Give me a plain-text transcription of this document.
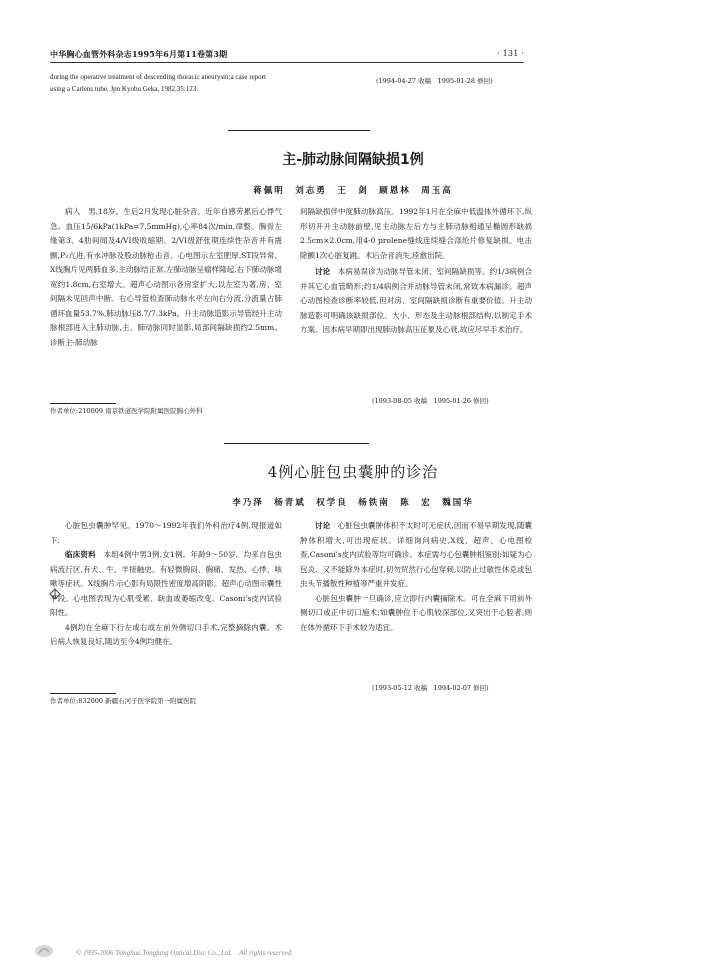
中华胸心血管外科杂志1995年6月第11卷第3期	· 131 ·
during the operative treatment of descending thoracic aneurysm;a case report using a Carlens tube. Jpn Kyobu Geka, 1982,35:123.
(1994-04-27 收稿　1995-01-28 修回)
主-肺动脉间隔缺损1例
蒋佩明　刘志勇　王　剑　顾恩林　周玉高

病人　男,18岁。生后2月发现心脏杂音。近年自感劳累后心悸气急。血压15/6kPa(1kPa=7.5mmHg),心率84次/min,律整。胸骨左缘第3、4肋间闻及4/VI级收缩期、2/VI级舒张期连续性杂音并有震颤,P₂亢进,有水冲脉及股动脉枪击音。心电图示左室肥厚,ST段异常。X线胸片见两肺血多,主动脉结正常,左肺动脉呈瘤样隆起,右下肺动脉增宽约1.8cm,右室增大。超声心动图示各房室扩大,以左室为著,房、室间隔未见回声中断。右心导管检查肺动脉水平左向右分流,分流量占肺循环血量53.7%,肺动脉压8.7/7.3kPa。升主动脉造影示导管经升主动脉根部进入主肺动脉,主、肺动脉同时显影,局部间隔缺损约2.5mm。诊断主-肺动脉

间隔缺损伴中度肺动脉高压。1992年1月在全麻中低温体外循环下,纵形切开升主动脉前壁,见主动脉左后方与主肺动脉相通呈椭圆形缺损2.5cm×2.0cm,用4-0 prolene缝线连续缝合涤纶片修复缺损。电击除颤1次心脏复跳。术后杂音消失,痊愈出院。

讨论　 本病易误诊为动脉导管未闭、室间隔缺损等。约1/3病例合并其它心血管畸形;约1/4病例合并动脉导管未闭,常致本病漏诊。超声心动图检查诊断率较低,但对房、室间隔缺损诊断有重要价值。升主动脉造影可明确该缺损部位、大小、形态及主动脉根部结构,以制定手术方案。因本病早期即出现肺动脉高压征象及心衰,故应尽早手术治疗。

(1993-08-05 收稿　1995-01-26 修回)
作者单位:210009 南京铁道医学院附属医院胸心外科
4例心脏包虫囊肿的诊治
李乃泽　杨青斌　权学良　杨铁南　陈　宏　魏国华

心脏包虫囊肿罕见。1970～1992年我们外科治疗4例,现报道如下:

临床资料　 本组4例中男3例,女1例。年龄9～50岁。均来自包虫病流行区,有犬、牛、羊接触史。有轻微胸闷、胸痛、发热、心悸、咳嗽等症状。X线胸片示心影有局限性密度增高阴影。超声心动图示囊性平段。心电图表现为心肌受累、缺血或萎缩改变。Casoni's皮内试验阳性。

4例均在全麻下行左或右或左前外侧切口手术,完整摘除内囊。术后病人恢复良好,随访至今4例均健在。

讨论　 心脏包虫囊肿体积不太时可无症状,因而不易早期发现,随囊肿体积增大,可出现症状。详细询问病史,X线、超声、心电图检查,Casoni's皮内试验等均可确诊。本症需与心包囊肿相鉴别:如疑为心包炎、又不能除外本症时,切勿贸然行心包穿刺,以防止过敏性休克或包虫头节播散性种植等严重并发症。

心脏包虫囊肿一旦确诊,应立即行内囊摘除术。可在全麻下用前外侧切口或正中切口施术;如囊肿位于心肌较深部位,又突出于心腔者,则在体外循环下手术较为适宜。

(1993-05-12 收稿　1994-02-07 修回)
作者单位:832000 新疆石河子医学院第一附属医院
© 1995-2006 Tsinghua Tongfang Optical Disc Co., Ltd.　All rights reserved.
